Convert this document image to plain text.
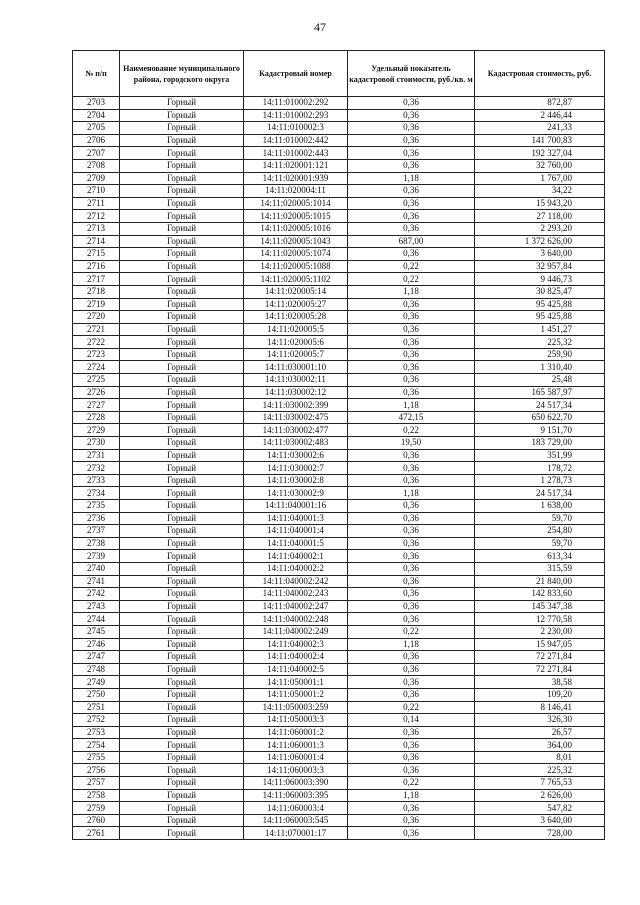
47
№ п/п	Наименование муниципального района, городского округа	Кадастровый номер	Удельный показатель кадастровой стоимости, руб./кв. м	Кадастровая стоимость, руб.
2703	Горный	14:11:010002:292	0,36	872,87
2704	Горный	14:11:010002:293	0,36	2 446,44
2705	Горный	14:11:010002:3	0,36	241,33
2706	Горный	14:11:010002:442	0,36	141 700,83
2707	Горный	14:11:010002:443	0,36	192 327,04
2708	Горный	14:11:020001:121	0,36	32 760,00
2709	Горный	14:11:020001:939	1,18	1 767,00
2710	Горный	14:11:020004:11	0,36	34,22
2711	Горный	14:11:020005:1014	0,36	15 943,20
2712	Горный	14:11:020005:1015	0,36	27 118,00
2713	Горный	14:11:020005:1016	0,36	2 293,20
2714	Горный	14:11:020005:1043	687,00	1 372 626,00
2715	Горный	14:11:020005:1074	0,36	3 640,00
2716	Горный	14:11:020005:1088	0,22	32 957,84
2717	Горный	14:11:020005:1102	0,22	9 446,73
2718	Горный	14:11:020005:14	1,18	30 825,47
2719	Горный	14:11:020005:27	0,36	95 425,88
2720	Горный	14:11:020005:28	0,36	95 425,88
2721	Горный	14:11:020005:5	0,36	1 451,27
2722	Горный	14:11:020005:6	0,36	225,32
2723	Горный	14:11:020005:7	0,36	259,90
2724	Горный	14:11:030001:10	0,36	1 310,40
2725	Горный	14:11:030002:11	0,36	25,48
2726	Горный	14:11:030002:12	0,36	165 587,97
2727	Горный	14:11:030002:399	1,18	24 517,34
2728	Горный	14:11:030002:475	472,15	650 622,70
2729	Горный	14:11:030002:477	0,22	9 151,70
2730	Горный	14:11:030002:483	19,50	183 729,00
2731	Горный	14:11:030002:6	0,36	351,99
2732	Горный	14:11:030002:7	0,36	178,72
2733	Горный	14:11:030002:8	0,36	1 278,73
2734	Горный	14:11:030002:9	1,18	24 517,34
2735	Горный	14:11:040001:16	0,36	1 638,00
2736	Горный	14:11:040001:3	0,36	59,70
2737	Горный	14:11:040001:4	0,36	254,80
2738	Горный	14:11:040001:5	0,36	59,70
2739	Горный	14:11:040002:1	0,36	613,34
2740	Горный	14:11:040002:2	0,36	315,59
2741	Горный	14:11:040002:242	0,36	21 840,00
2742	Горный	14:11:040002:243	0,36	142 833,60
2743	Горный	14:11:040002:247	0,36	145 347,38
2744	Горный	14:11:040002:248	0,36	12 770,58
2745	Горный	14:11:040002:249	0,22	2 230,00
2746	Горный	14:11:040002:3	1,18	15 947,05
2747	Горный	14:11:040002:4	0,36	72 271,84
2748	Горный	14:11:040002:5	0,36	72 271,84
2749	Горный	14:11:050001:1	0,36	38,58
2750	Горный	14:11:050001:2	0,36	109,20
2751	Горный	14:11:050003:259	0,22	8 146,41
2752	Горный	14:11:050003:3	0,14	326,30
2753	Горный	14:11:060001:2	0,36	26,57
2754	Горный	14:11:060001:3	0,36	364,00
2755	Горный	14:11:060001:4	0,36	8,01
2756	Горный	14:11:060003:3	0,36	225,32
2757	Горный	14:11:060003:390	0,22	7 765,53
2758	Горный	14:11:060003:395	1,18	2 626,00
2759	Горный	14:11:060003:4	0,36	547,82
2760	Горный	14:11:060003:545	0,36	3 640,00
2761	Горный	14:11:070001:17	0,36	728,00
